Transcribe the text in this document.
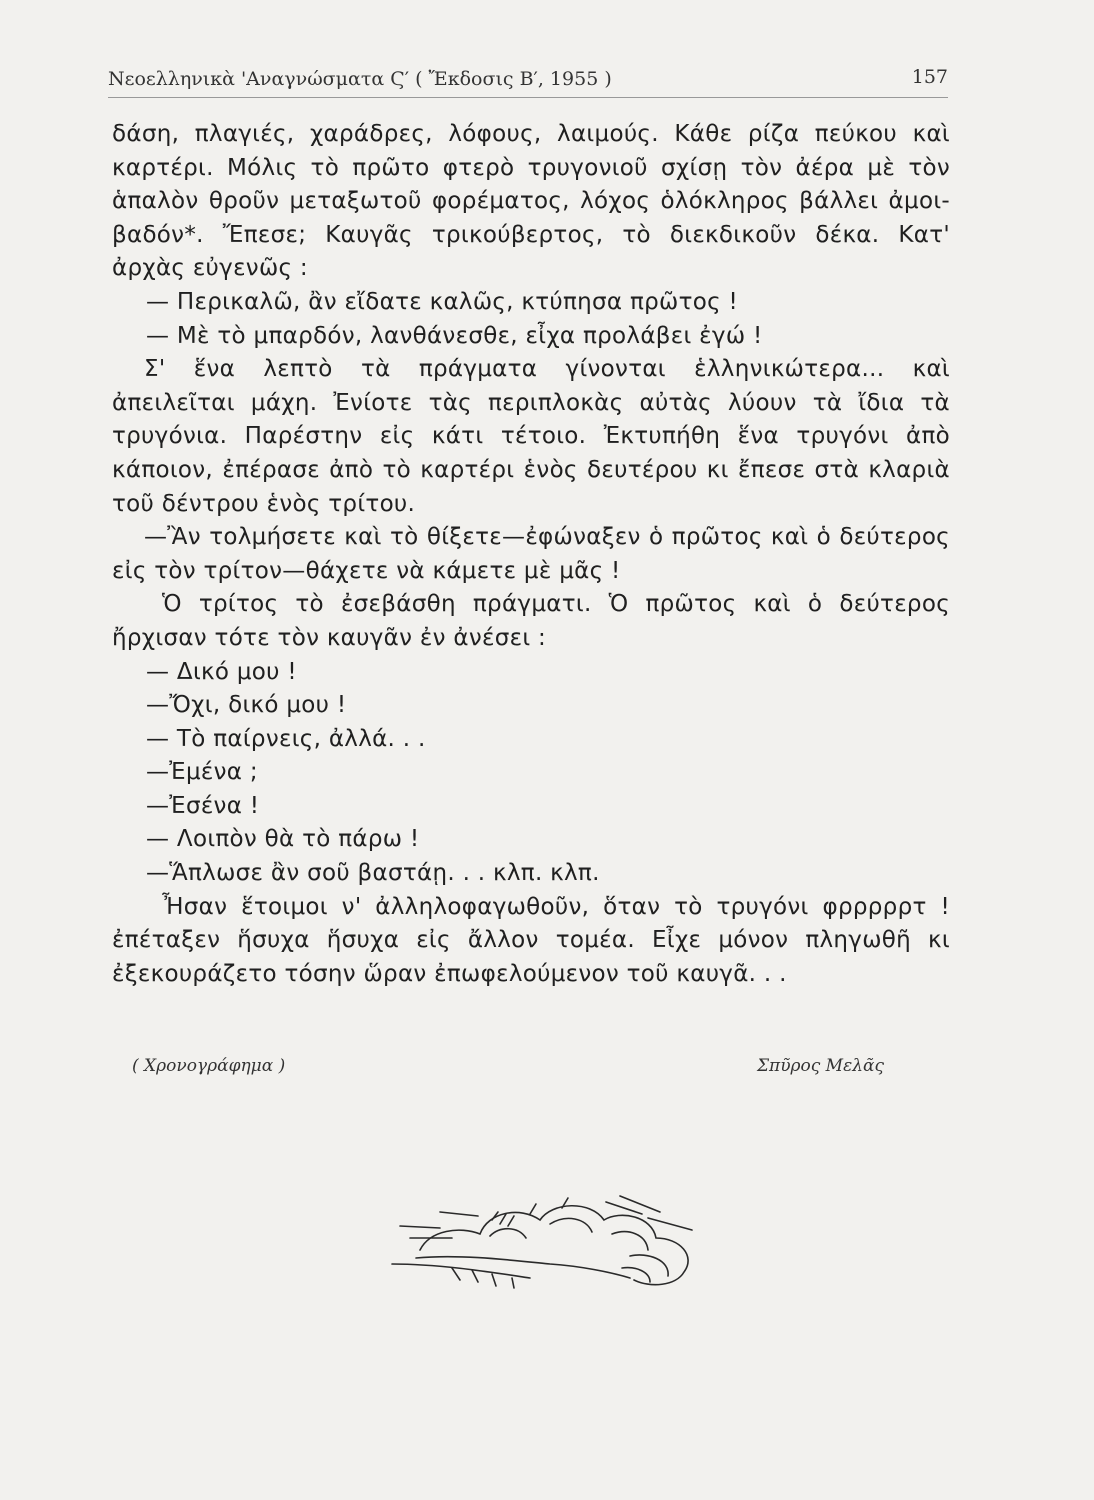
Νεοελληνικὰ 'Αναγνώσματα Ϛ′ ( Ἔκδοσις Β′, 1955 )	157
δάση, πλαγιές, χαράδρες, λόφους, λαιμούς. Κάθε ρίζα πεύκου καὶ
καρτέρι. Μόλις τὸ πρῶτο φτερὸ τρυγονιοῦ σχίσῃ τὸν ἀέρα μὲ τὸν
ἁπαλὸν θροῦν μεταξωτοῦ φορέματος, λόχος ὁλόκληρος βάλλει ἀμοι-
βαδόν*. Ἔπεσε; Καυγᾶς τρικούβερτος, τὸ διεκδικοῦν δέκα. Κατ'
ἀρχὰς εὐγενῶς :
— Περικαλῶ, ἂν εἴδατε καλῶς, κτύπησα πρῶτος !
— Μὲ τὸ μπαρδόν, λανθάνεσθε, εἶχα προλάβει ἐγώ !
Σ' ἕνα λεπτὸ τὰ πράγματα γίνονται ἑλληνικώτερα... καὶ
ἀπειλεῖται μάχη. Ἐνίοτε τὰς περιπλοκὰς αὐτὰς λύουν τὰ ἴδια τὰ
τρυγόνια. Παρέστην εἰς κάτι τέτοιο. Ἐκτυπήθη ἕνα τρυγόνι ἀπὸ
κάποιον, ἐπέρασε ἀπὸ τὸ καρτέρι ἑνὸς δευτέρου κι ἔπεσε στὰ κλαριὰ
τοῦ δέντρου ἑνὸς τρίτου.
—Ἂν τολμήσετε καὶ τὸ θίξετε—ἐφώναξεν ὁ πρῶτος καὶ ὁ δεύτερος
εἰς τὸν τρίτον—θάχετε νὰ κάμετε μὲ μᾶς !
Ὁ τρίτος τὸ ἐσεβάσθη πράγματι. Ὁ πρῶτος καὶ ὁ δεύτερος
ἤρχισαν τότε τὸν καυγᾶν ἐν ἀνέσει :
— Δικό μου !
—Ὄχι, δικό μου !
— Τὸ παίρνεις, ἀλλά. . .
—Ἐμένα ;
—Ἐσένα !
— Λοιπὸν θὰ τὸ πάρω !
—Ἅπλωσε ἂν σοῦ βαστάῃ. . . κλπ. κλπ.
Ἦσαν ἕτοιμοι ν' ἀλληλοφαγωθοῦν, ὅταν τὸ τρυγόνι φρρρρρτ !
ἐπέταξεν ἥσυχα ἥσυχα εἰς ἄλλον τομέα. Εἶχε μόνον πληγωθῆ κι
ἐξεκουράζετο τόσην ὥραν ἐπωφελούμενον τοῦ καυγᾶ. . .
( Χρονογράφημα )	Σπῦρος Μελᾶς
